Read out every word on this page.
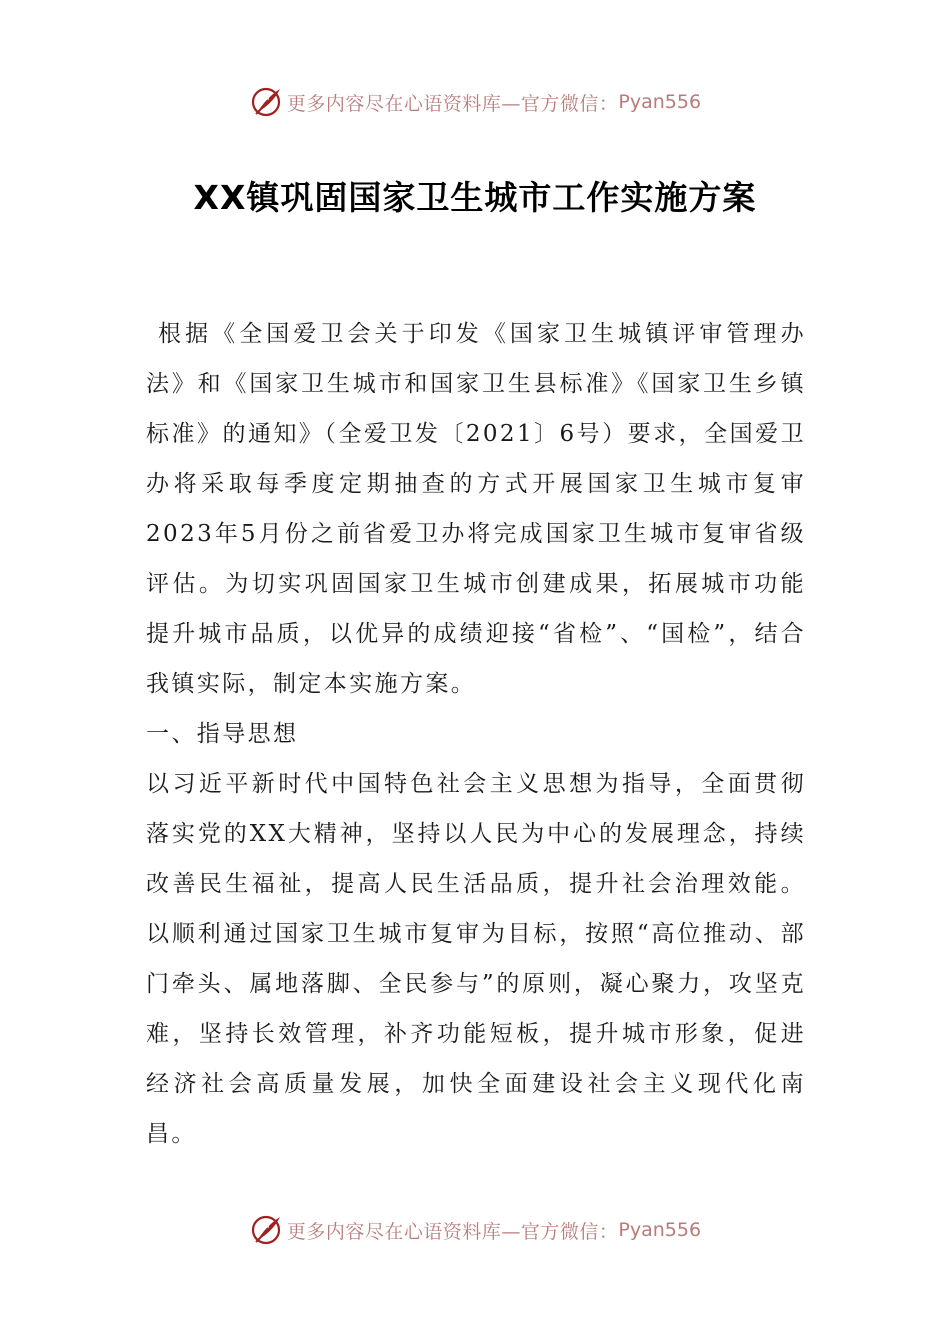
更多内容尽在心语资料库—官方微信： Pyan556
XX镇巩固国家卫生城市工作实施方案

根据《全国爱卫会关于印发《国家卫生城镇评审管理办法》和《国家卫生城市和国家卫生县标准》《国家卫生乡镇标准》的通知》（全爱卫发〔2021〕6号）要求，全国爱卫办将采取每季度定期抽查的方式开展国家卫生城市复审2023年5月份之前省爱卫办将完成国家卫生城市复审省级评估。为切实巩固国家卫生城市创建成果，拓展城市功能提升城市品质，以优异的成绩迎接“省检”、“国检”，结合我镇实际，制定本实施方案。

一、指导思想

以习近平新时代中国特色社会主义思想为指导，全面贯彻落实党的XX大精神，坚持以人民为中心的发展理念，持续改善民生福祉，提高人民生活品质，提升社会治理效能。以顺利通过国家卫生城市复审为目标，按照“高位推动、部门牵头、属地落脚、全民参与”的原则，凝心聚力，攻坚克难，坚持长效管理，补齐功能短板，提升城市形象，促进经济社会高质量发展，加快全面建设社会主义现代化南昌。

更多内容尽在心语资料库—官方微信： Pyan556
